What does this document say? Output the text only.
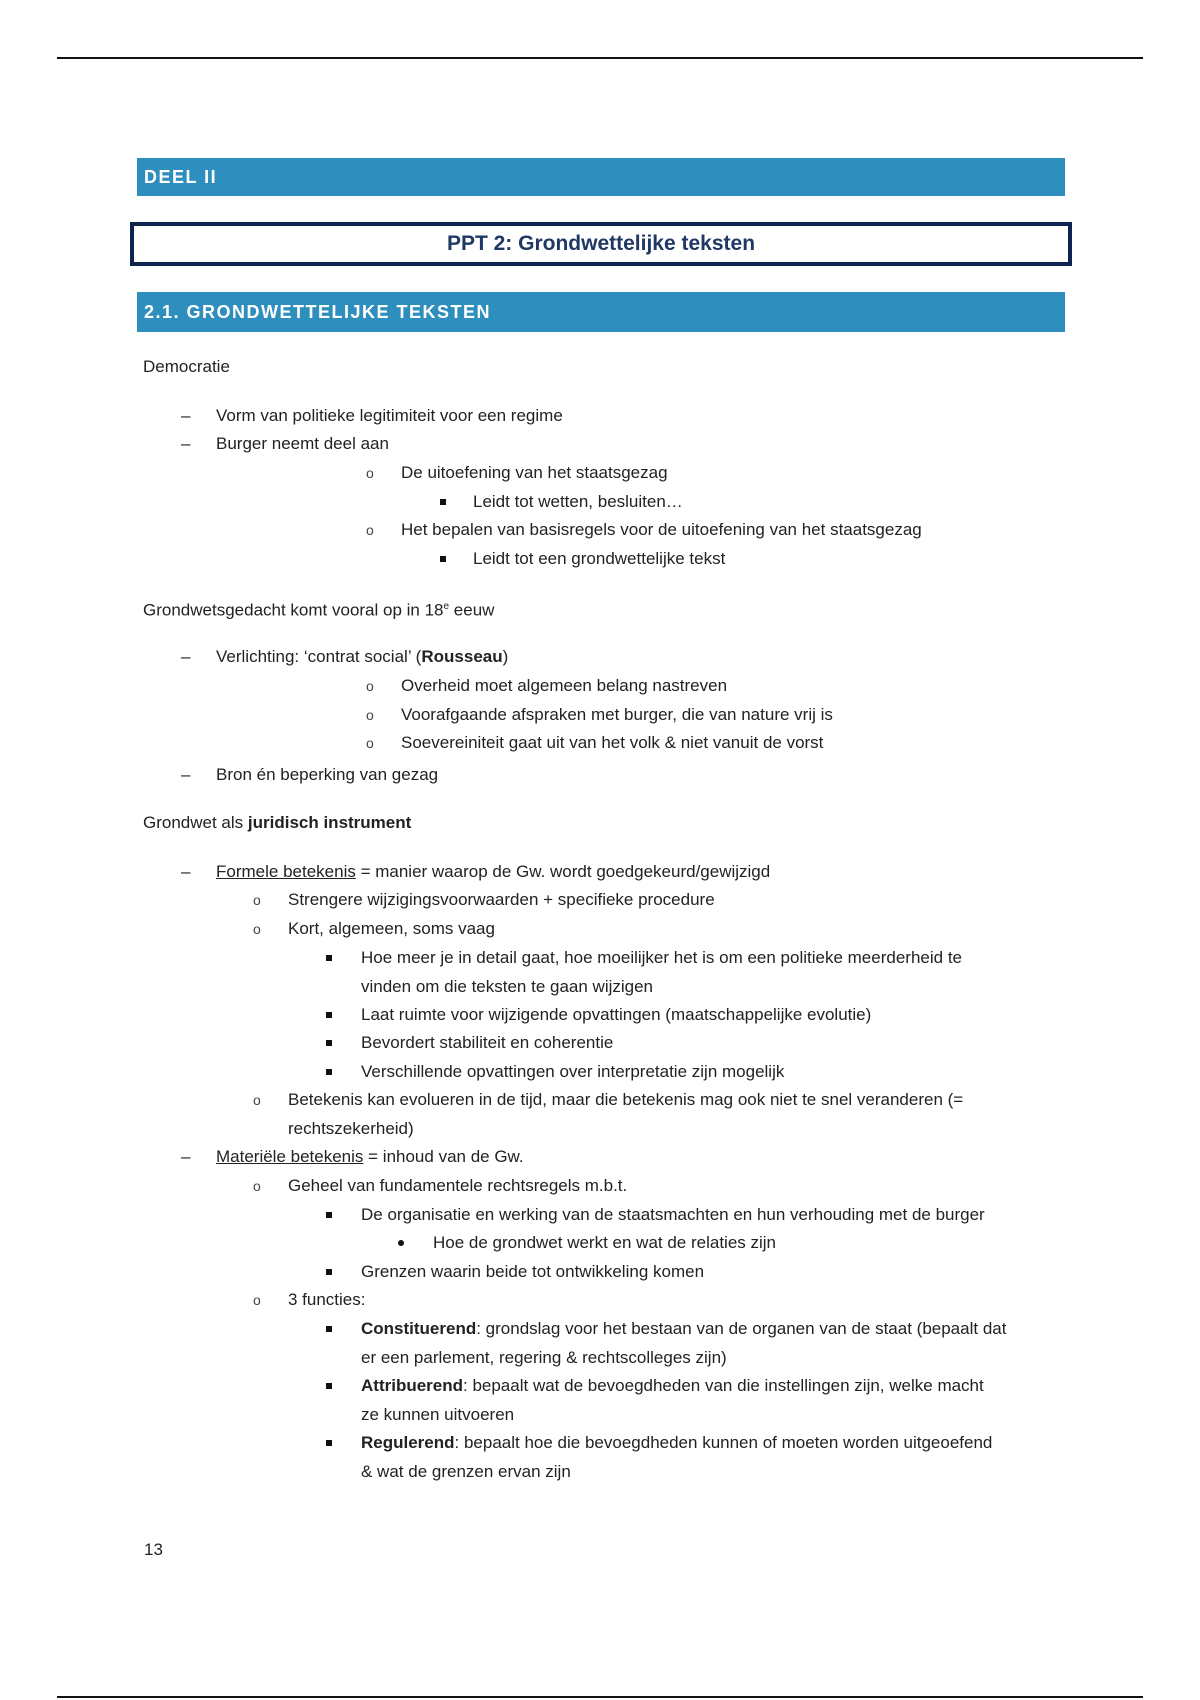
DEEL II
PPT 2: Grondwettelijke teksten
2.1. GRONDWETTELIJKE TEKSTEN
Democratie
– Vorm van politieke legitimiteit voor een regime
– Burger neemt deel aan
o De uitoefening van het staatsgezag
Leidt tot wetten, besluiten…
o Het bepalen van basisregels voor de uitoefening van het staatsgezag
Leidt tot een grondwettelijke tekst
Grondwetsgedacht komt vooral op in 18e eeuw
– Verlichting: ‘contrat social’ (Rousseau)
o Overheid moet algemeen belang nastreven
o Voorafgaande afspraken met burger, die van nature vrij is
o Soevereiniteit gaat uit van het volk & niet vanuit de vorst
– Bron én beperking van gezag
Grondwet als juridisch instrument
– Formele betekenis = manier waarop de Gw. wordt goedgekeurd/gewijzigd
o Strengere wijzigingsvoorwaarden + specifieke procedure
o Kort, algemeen, soms vaag
Hoe meer je in detail gaat, hoe moeilijker het is om een politieke meerderheid te
vinden om die teksten te gaan wijzigen
Laat ruimte voor wijzigende opvattingen (maatschappelijke evolutie)
Bevordert stabiliteit en coherentie
Verschillende opvattingen over interpretatie zijn mogelijk
o Betekenis kan evolueren in de tijd, maar die betekenis mag ook niet te snel veranderen (=
rechtszekerheid)
– Materiële betekenis = inhoud van de Gw.
o Geheel van fundamentele rechtsregels m.b.t.
De organisatie en werking van de staatsmachten en hun verhouding met de burger
Hoe de grondwet werkt en wat de relaties zijn
Grenzen waarin beide tot ontwikkeling komen
o 3 functies:
Constituerend: grondslag voor het bestaan van de organen van de staat (bepaalt dat
er een parlement, regering & rechtscolleges zijn)
Attribuerend: bepaalt wat de bevoegdheden van die instellingen zijn, welke macht
ze kunnen uitvoeren
Regulerend: bepaalt hoe die bevoegdheden kunnen of moeten worden uitgeoefend
& wat de grenzen ervan zijn
13
